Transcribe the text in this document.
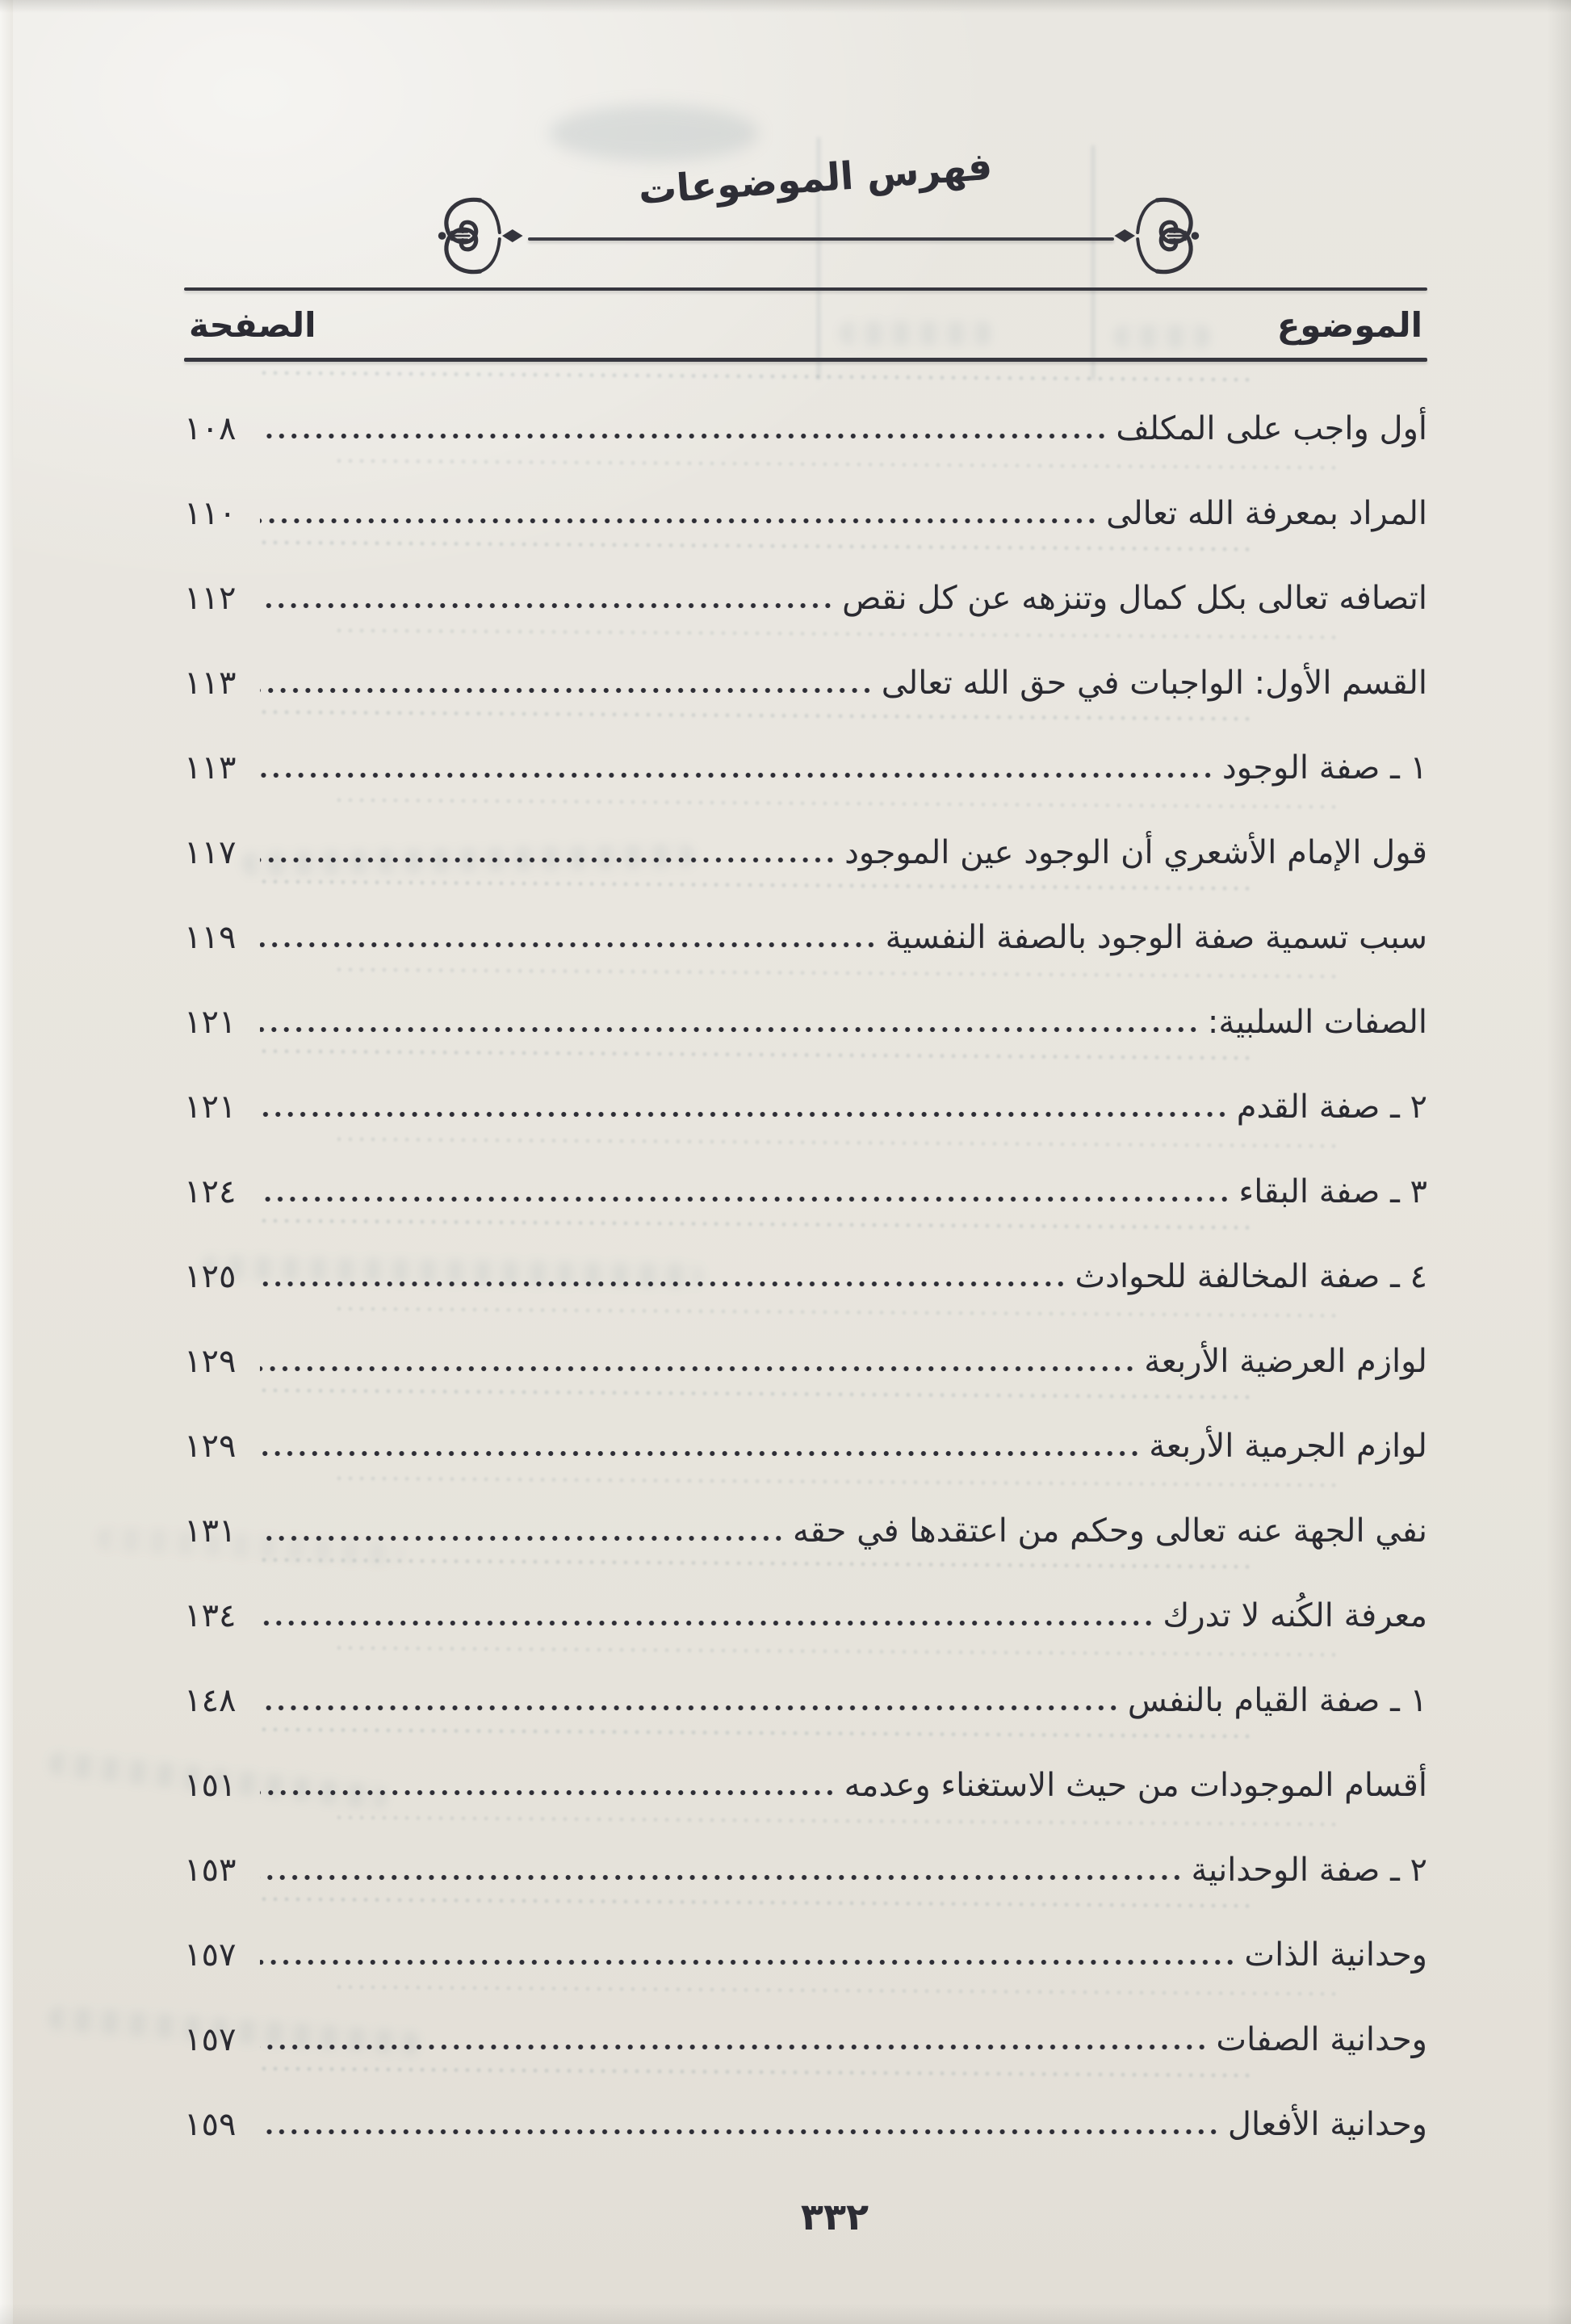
فهرس الموضوعات
الموضوع
الصفحة
أول واجب على المكلف
١٠٨
المراد بمعرفة الله تعالى
١١٠
اتصافه تعالى بكل كمال وتنزهه عن كل نقص
١١٢
القسم الأول: الواجبات في حق الله تعالى
١١٣
١ ـ صفة الوجود
١١٣
قول الإمام الأشعري أن الوجود عين الموجود
١١٧
سبب تسمية صفة الوجود بالصفة النفسية
١١٩
الصفات السلبية:
١٢١
٢ ـ صفة القدم
١٢١
٣ ـ صفة البقاء
١٢٤
٤ ـ صفة المخالفة للحوادث
١٢٥
لوازم العرضية الأربعة
١٢٩
لوازم الجرمية الأربعة
١٢٩
نفي الجهة عنه تعالى وحكم من اعتقدها في حقه
١٣١
معرفة الكُنه لا تدرك
١٣٤
١ ـ صفة القيام بالنفس
١٤٨
أقسام الموجودات من حيث الاستغناء وعدمه
١٥١
٢ ـ صفة الوحدانية
١٥٣
وحدانية الذات
١٥٧
وحدانية الصفات
١٥٧
وحدانية الأفعال
١٥٩
٣٣٢
